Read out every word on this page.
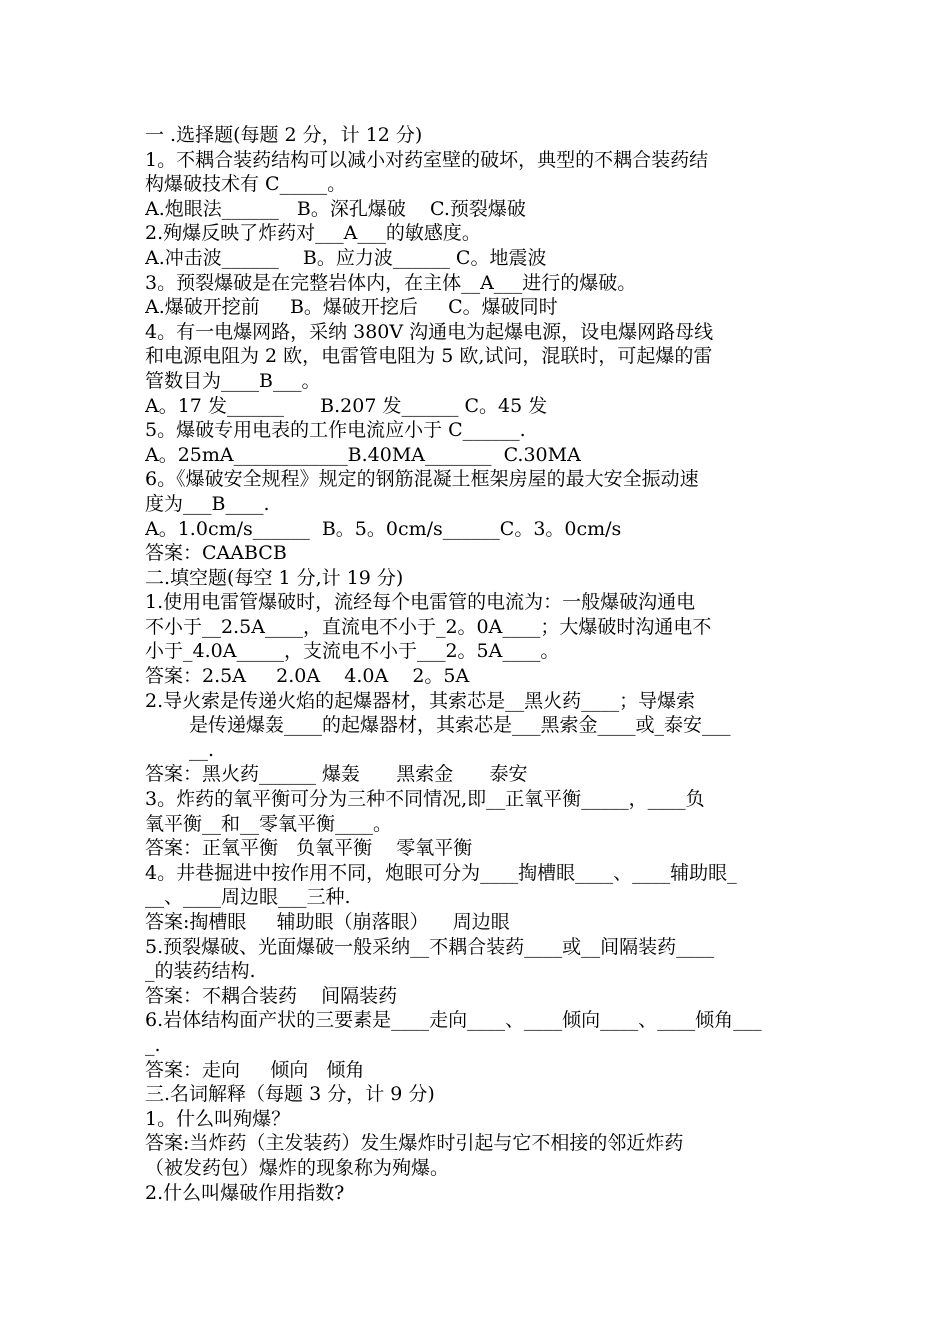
一 .选择题(每题 2 分，计 12 分)
1。不耦合装药结构可以减小对药室壁的破坏，典型的不耦合装药结
构爆破技术有 C_____。
A.炮眼法______   B。深孔爆破    C.预裂爆破
2.殉爆反映了炸药对___A___的敏感度。
A.冲击波______    B。应力波______ C。地震波
3。预裂爆破是在完整岩体内，在主体__A___进行的爆破。
A.爆破开挖前     B。爆破开挖后     C。爆破同时
4。有一电爆网路，采纳 380V 沟通电为起爆电源，设电爆网路母线
和电源电阻为 2 欧，电雷管电阻为 5 欧,试问，混联时，可起爆的雷
管数目为____B___。
A。17 发______      B.207 发______ C。45 发
5。爆破专用电表的工作电流应小于 C______.
A。25mA____________B.40MA_______  C.30MA
6。《爆破安全规程》规定的钢筋混凝土框架房屋的最大安全振动速
度为___B____.
A。1.0cm/s______  B。5。0cm/s______C。3。0cm/s
答案：CAABCB
二.填空题(每空 1 分,计 19 分)
1.使用电雷管爆破时，流经每个电雷管的电流为：一般爆破沟通电
不小于__2.5A____，直流电不小于_2。0A____；大爆破时沟通电不
小于_4.0A_____，支流电不小于___2。5A____。
答案：2.5A     2.0A    4.0A    2。5A
2.导火索是传递火焰的起爆器材，其索芯是__黑火药____；导爆索
是传递爆轰____的起爆器材，其索芯是___黑索金____或_泰安___
__.
答案：黑火药______ 爆轰      黑索金      泰安
3。炸药的氧平衡可分为三种不同情况,即__正氧平衡_____，____负
氧平衡__和__零氧平衡____。
答案：正氧平衡   负氧平衡    零氧平衡
4。井巷掘进中按作用不同，炮眼可分为____掏槽眼____、____辅助眼_
__、____周边眼___三种.
答案:掏槽眼     辅助眼（崩落眼）    周边眼
5.预裂爆破、光面爆破一般采纳__不耦合装药____或__间隔装药____
_的装药结构.
答案：不耦合装药    间隔装药
6.岩体结构面产状的三要素是____走向____、____倾向____、____倾角___
_.
答案：走向     倾向   倾角
三.名词解释（每题 3 分，计 9 分)
1。什么叫殉爆？
答案:当炸药（主发装药）发生爆炸时引起与它不相接的邻近炸药
（被发药包）爆炸的现象称为殉爆。
2.什么叫爆破作用指数?
